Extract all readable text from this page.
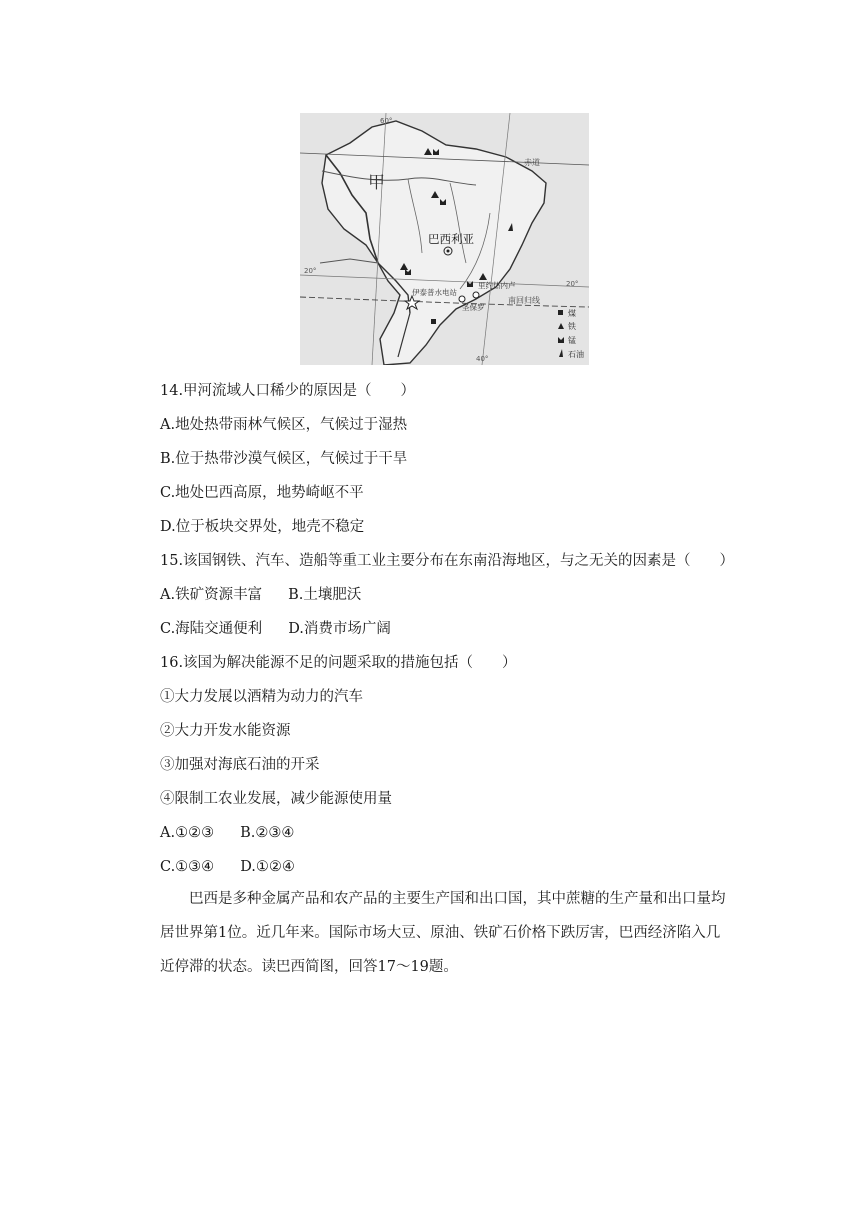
甲
巴西利亚
赤道
南回归线
伊泰普水电站
里约热内卢
圣保罗
60°
40°
20°
20°
煤
铁
锰
石油
14.甲河流域人口稀少的原因是（　　）
A.地处热带雨林气候区，气候过于湿热
B.位于热带沙漠气候区，气候过于干旱
C.地处巴西高原，地势崎岖不平
D.位于板块交界处，地壳不稳定
15.该国钢铁、汽车、造船等重工业主要分布在东南沿海地区，与之无关的因素是（　　）
A.铁矿资源丰富 B.土壤肥沃
C.海陆交通便利 D.消费市场广阔
16.该国为解决能源不足的问题采取的措施包括（　　）
①大力发展以酒精为动力的汽车
②大力开发水能资源
③加强对海底石油的开采
④限制工农业发展，减少能源使用量
A.①②③ B.②③④
C.①③④ D.①②④
巴西是多种金属产品和农产品的主要生产国和出口国，其中蔗糖的生产量和出口量均居世界第1位。近几年来。国际市场大豆、原油、铁矿石价格下跌厉害，巴西经济陷入几近停滞的状态。读巴西简图，回答17～19题。
